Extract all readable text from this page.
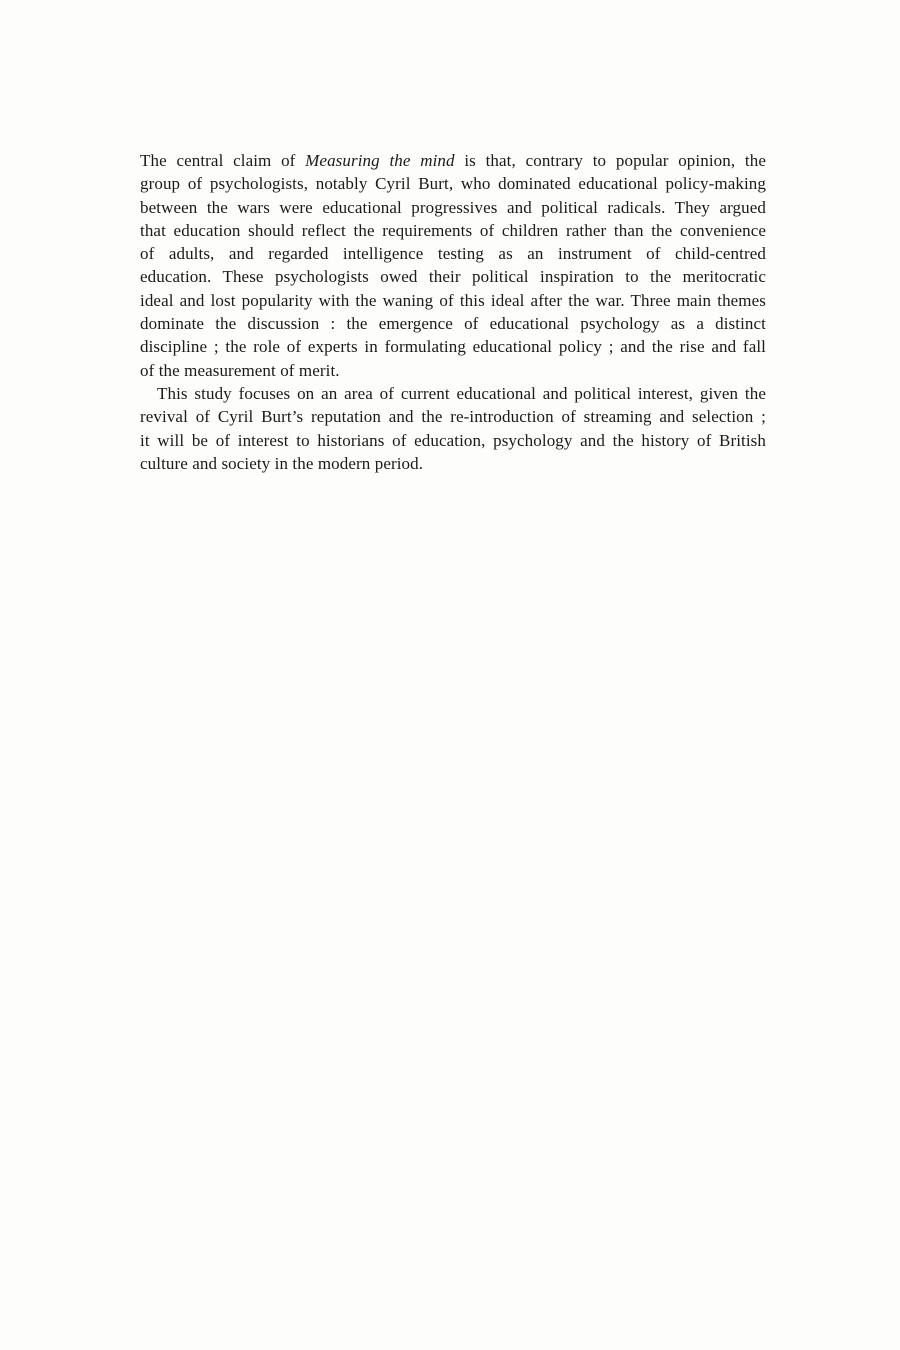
The central claim of Measuring the mind is that, contrary to popular opinion, the
group of psychologists, notably Cyril Burt, who dominated educational policy-making
between the wars were educational progressives and political radicals. They argued
that education should reflect the requirements of children rather than the convenience
of adults, and regarded intelligence testing as an instrument of child-centred
education. These psychologists owed their political inspiration to the meritocratic
ideal and lost popularity with the waning of this ideal after the war. Three main themes
dominate the discussion : the emergence of educational psychology as a distinct
discipline ; the role of experts in formulating educational policy ; and the rise and fall
of the measurement of merit.
This study focuses on an area of current educational and political interest, given the
revival of Cyril Burt’s reputation and the re-introduction of streaming and selection ;
it will be of interest to historians of education, psychology and the history of British
culture and society in the modern period.
